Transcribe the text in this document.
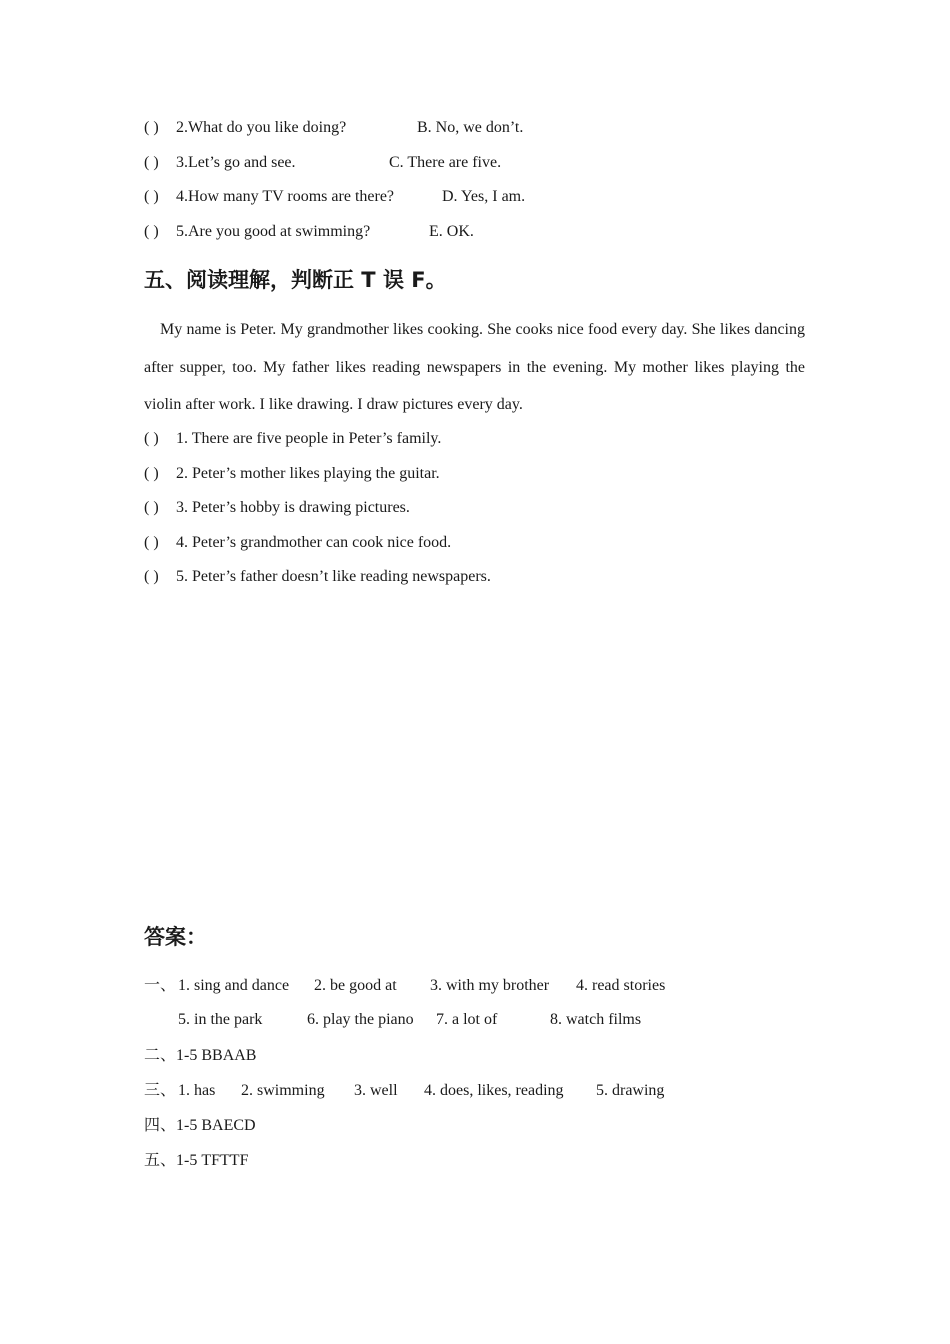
( ) 2.What do you like doing?	B. No, we don’t.
( ) 3.Let’s go and see.	C. There are five.
( ) 4.How many TV rooms are there?	D. Yes, I am.
( ) 5.Are you good at swimming?	E. OK.
五、阅读理解，判断正 T 误 F。
My name is Peter. My grandmother likes cooking. She cooks nice food every day. She likes dancing after supper, too. My father likes reading newspapers in the evening. My mother likes playing the violin after work. I like drawing. I draw pictures every day.
( ) 1. There are five people in Peter’s family.
( ) 2. Peter’s mother likes playing the guitar.
( ) 3. Peter’s hobby is drawing pictures.
( ) 4. Peter’s grandmother can cook nice food.
( ) 5. Peter’s father doesn’t like reading newspapers.
答案：
一、 1. sing and dance 2. be good at 3. with my brother 4. read stories
5. in the park	6. play the piano 7. a lot of	8. watch films
二、1-5 BBAAB
三、 1. has 2. swimming 3. well 4. does, likes, reading 5. drawing
四、1-5 BAECD
五、1-5 TFTTF
